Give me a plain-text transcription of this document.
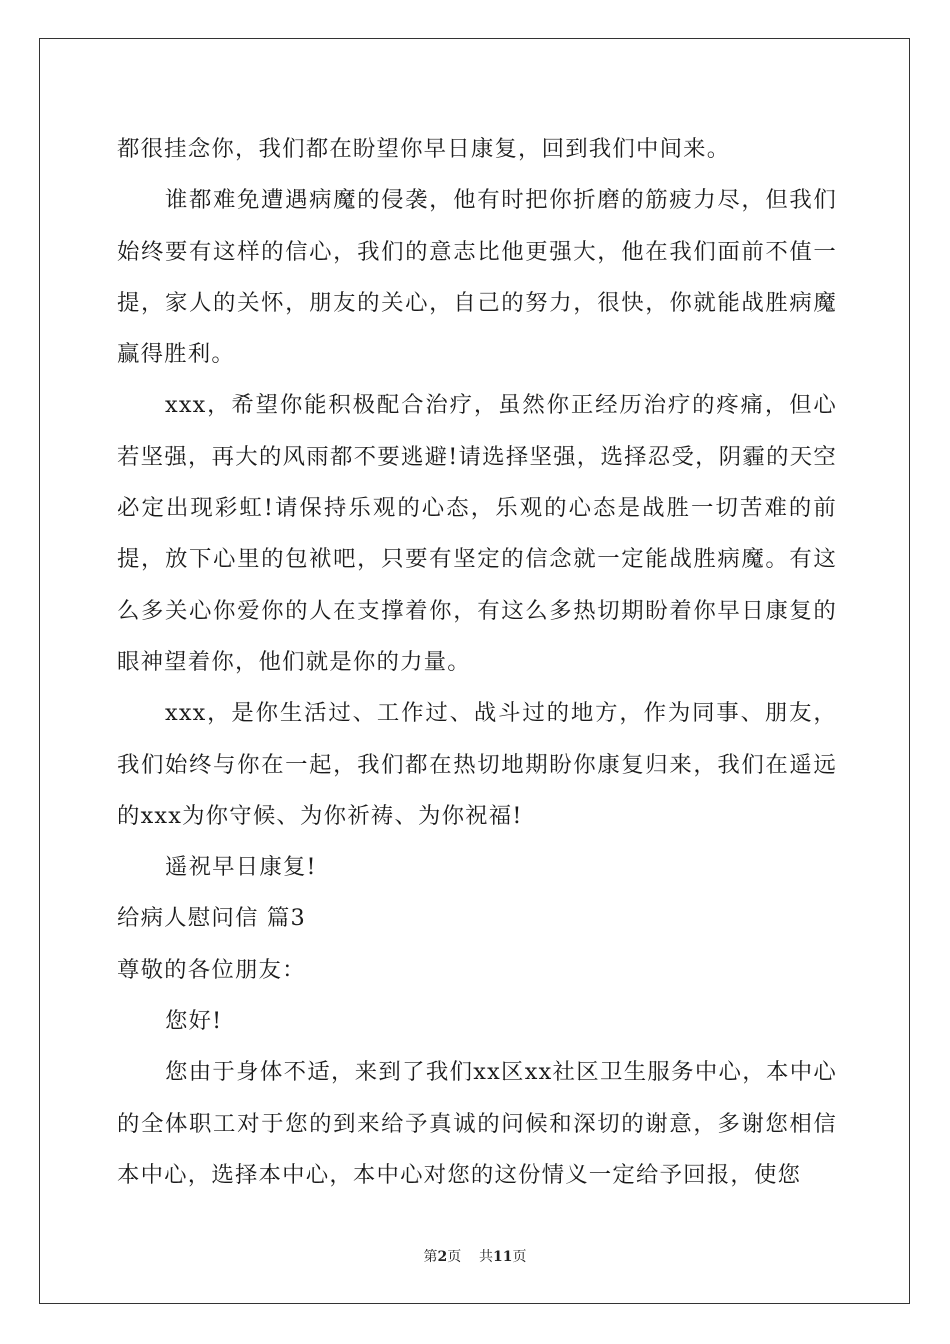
都很挂念你，我们都在盼望你早日康复，回到我们中间来。

谁都难免遭遇病魔的侵袭，他有时把你折磨的筋疲力尽，但我们始终要有这样的信心，我们的意志比他更强大，他在我们面前不值一提，家人的关怀，朋友的关心，自己的努力，很快，你就能战胜病魔赢得胜利。

xxx，希望你能积极配合治疗，虽然你正经历治疗的疼痛，但心若坚强，再大的风雨都不要逃避!请选择坚强，选择忍受，阴霾的天空必定出现彩虹!请保持乐观的心态，乐观的心态是战胜一切苦难的前提，放下心里的包袱吧，只要有坚定的信念就一定能战胜病魔。有这么多关心你爱你的人在支撑着你，有这么多热切期盼着你早日康复的眼神望着你，他们就是你的力量。

xxx，是你生活过、工作过、战斗过的地方，作为同事、朋友，我们始终与你在一起，我们都在热切地期盼你康复归来，我们在遥远的xxx为你守候、为你祈祷、为你祝福!

遥祝早日康复!

给病人慰问信 篇3

尊敬的各位朋友：

您好!

您由于身体不适，来到了我们xx区xx社区卫生服务中心，本中心的全体职工对于您的到来给予真诚的问候和深切的谢意，多谢您相信本中心，选择本中心，本中心对您的这份情义一定给予回报，使您

第2页 共11页
